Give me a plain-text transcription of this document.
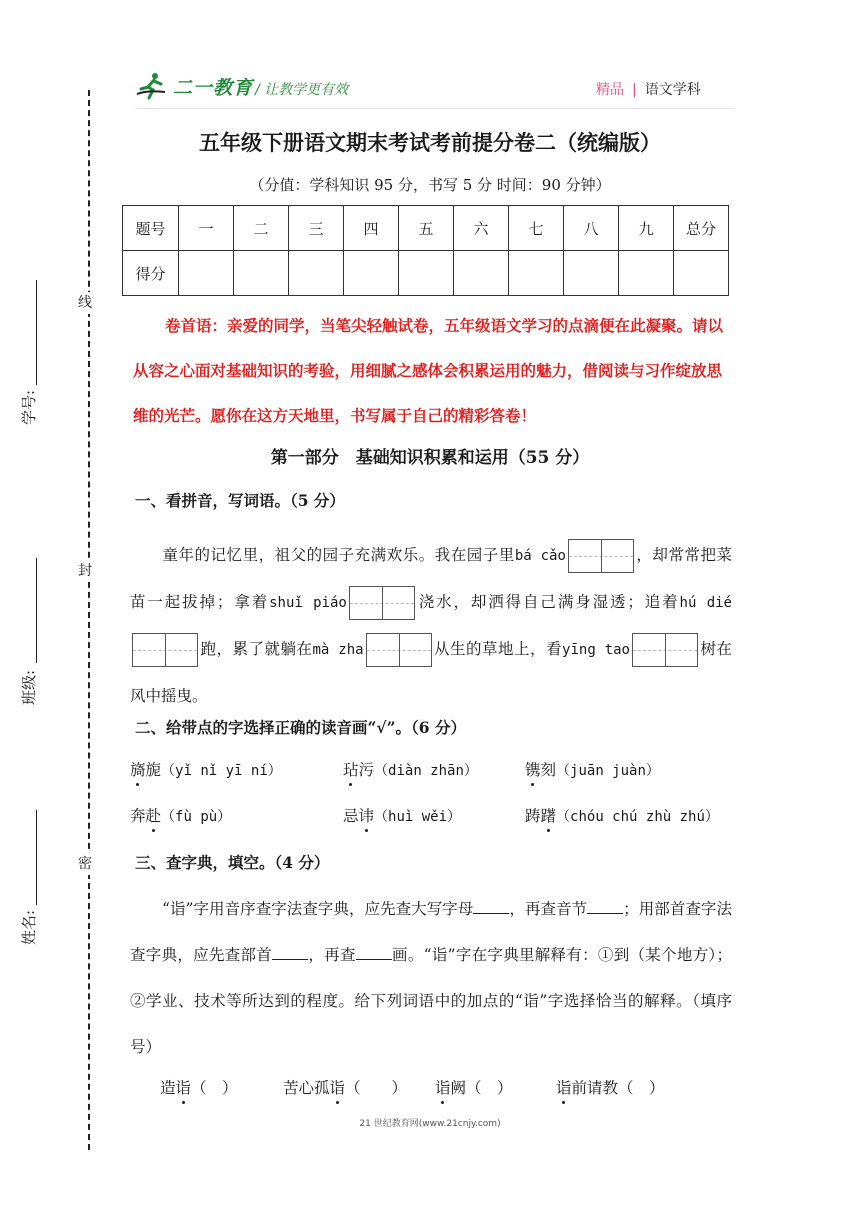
线
封
密
学号:
班级:
姓名:
二一教育 / 让教学更有效	精品 | 语文学科
五年级下册语文期末考试考前提分卷二（统编版）
（分值：学科知识 95 分，书写 5 分 时间：90 分钟）
题号	一	二	三	四	五	六	七	八	九	总分
得分										
卷首语：亲爱的同学，当笔尖轻触试卷，五年级语文学习的点滴便在此凝聚。请以从容之心面对基础知识的考验，用细腻之感体会积累运用的魅力，借阅读与习作绽放思维的光芒。愿你在这方天地里，书写属于自己的精彩答卷！
第一部分　基础知识积累和运用（55 分）
一、看拼音，写词语。（5 分）
童年的记忆里，祖父的园子充满欢乐。我在园子里bá cǎo	，却常常把菜苗一起拔掉；拿着shuǐ piáo	浇水，却洒得自己满身湿透；追着hú dié
跑，累了就躺在mà zha	从生的草地上，看yīng tao	树在风中摇曳。
二、给带点的字选择正确的读音画“√”。（6 分）
旖旎（yǐ nǐ yī ní）	玷污（diàn zhān）	镌刻（juān juàn）
奔赴（fù pù）	忌讳（huì wěi）	踌躇（chóu chú zhù zhú）
三、查字典，填空。（4 分）
“诣”字用音序查字法查字典，应先查大写字母 ，再查音节 ；用部首查字法查字典，应先查部首 ，再查 画。“诣”字在字典里解释有：①到（某个地方）；②学业、技术等所达到的程度。给下列词语中的加点的“诣”字选择恰当的解释。（填序号）
造诣（　）	苦心孤诣（　　） 诣阙（　）	诣前请教（　）
21 世纪教育网(www.21cnjy.com)
